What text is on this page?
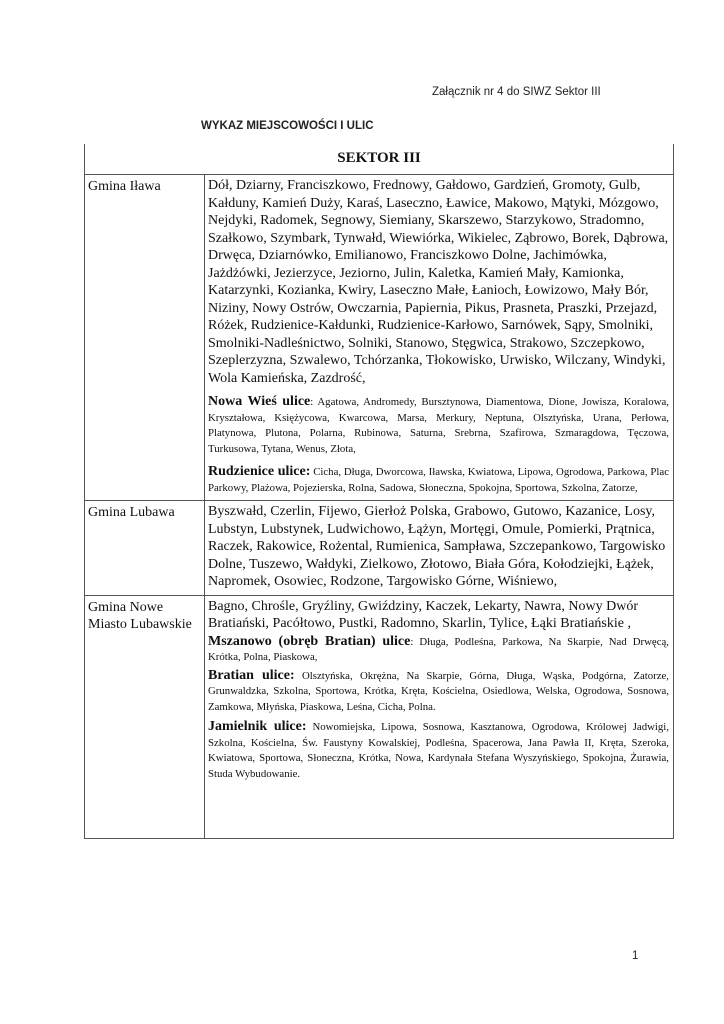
Załącznik nr 4 do SIWZ Sektor III
WYKAZ MIEJSCOWOŚCI I ULIC
SEKTOR III	
Gmina Iława	Dół, Dziarny, Franciszkowo, Frednowy, Gałdowo, Gardzień, Gromoty, Gulb, Kałduny, Kamień Duży, Karaś, Laseczno, Ławice, Makowo, Mątyki, Mózgowo, Nejdyki, Radomek, Segnowy, Siemiany, Skarszewo, Starzykowo, Stradomno, Szałkowo, Szymbark, Tynwałd, Wiewiórka, Wikielec, Ząbrowo, Borek, Dąbrowa, Drwęca, Dziarnówko, Emilianowo, Franciszkowo Dolne, Jachimówka, Jażdżówki, Jezierzyce, Jeziorno, Julin, Kaletka, Kamień Mały, Kamionka, Katarzynki, Kozianka, Kwiry, Laseczno Małe, Łanioch, Łowizowo, Mały Bór, Niziny, Nowy Ostrów, Owczarnia, Papiernia, Pikus, Prasneta, Praszki, Przejazd, Różek, Rudzienice-Kałdunki, Rudzienice-Karłowo, Sarnówek, Sąpy, Smolniki, Smolniki-Nadleśnictwo, Solniki, Stanowo, Stęgwica, Strakowo, Szczepkowo, Szeplerzyzna, Szwalewo, Tchórzanka, Tłokowisko, Urwisko, Wilczany, Windyki, Wola Kamieńska, Zazdrość,
Nowa Wieś ulice: Agatowa, Andromedy, Bursztynowa, Diamentowa, Dione, Jowisza, Koralowa, Kryształowa, Księżycowa, Kwarcowa, Marsa, Merkury, Neptuna, Olsztyńska, Urana, Perłowa, Platynowa, Plutona, Polarna, Rubinowa, Saturna, Srebrna, Szafirowa, Szmaragdowa, Tęczowa, Turkusowa, Tytana, Wenus, Złota,
Rudzienice ulice: Cicha, Długa, Dworcowa, Iławska, Kwiatowa, Lipowa, Ogrodowa, Parkowa, Plac Parkowy, Plażowa, Pojezierska, Rolna, Sadowa, Słoneczna, Spokojna, Sportowa, Szkolna, Zatorze,

Gmina Lubawa	Byszwałd, Czerlin, Fijewo, Gierłoż Polska, Grabowo, Gutowo, Kazanice, Losy, Lubstyn, Lubstynek, Ludwichowo, Łążyn, Mortęgi, Omule, Pomierki, Prątnica, Raczek, Rakowice, Rożental, Rumienica, Sampława, Szczepankowo, Targowisko Dolne, Tuszewo, Wałdyki, Zielkowo, Złotowo, Biała Góra, Kołodziejki, Łążek, Napromek, Osowiec, Rodzone, Targowisko Górne, Wiśniewo,

Gmina Nowe Miasto Lubawskie	Bagno, Chrośle, Gryźliny, Gwiździny, Kaczek, Lekarty, Nawra, Nowy Dwór Bratiański, Pacółtowo, Pustki, Radomno, Skarlin, Tylice, Łąki Bratiańskie ,
Mszanowo (obręb Bratian) ulice: Długa, Podleśna, Parkowa, Na Skarpie, Nad Drwęcą, Krótka, Polna, Piaskowa,
Bratian ulice: Olsztyńska, Okrężna, Na Skarpie, Górna, Długa, Wąska, Podgórna, Zatorze, Grunwaldzka, Szkolna, Sportowa, Krótka, Kręta, Kościelna, Osiedlowa, Welska, Ogrodowa, Sosnowa, Zamkowa, Młyńska, Piaskowa, Leśna, Cicha, Polna.
Jamielnik ulice: Nowomiejska, Lipowa, Sosnowa, Kasztanowa, Ogrodowa, Królowej Jadwigi, Szkolna, Kościelna, Św. Faustyny Kowalskiej, Podleśna, Spacerowa, Jana Pawła II, Kręta, Szeroka, Kwiatowa, Sportowa, Słoneczna, Krótka, Nowa, Kardynała Stefana Wyszyńskiego, Spokojna, Żurawia, Studa Wybudowanie.
1
